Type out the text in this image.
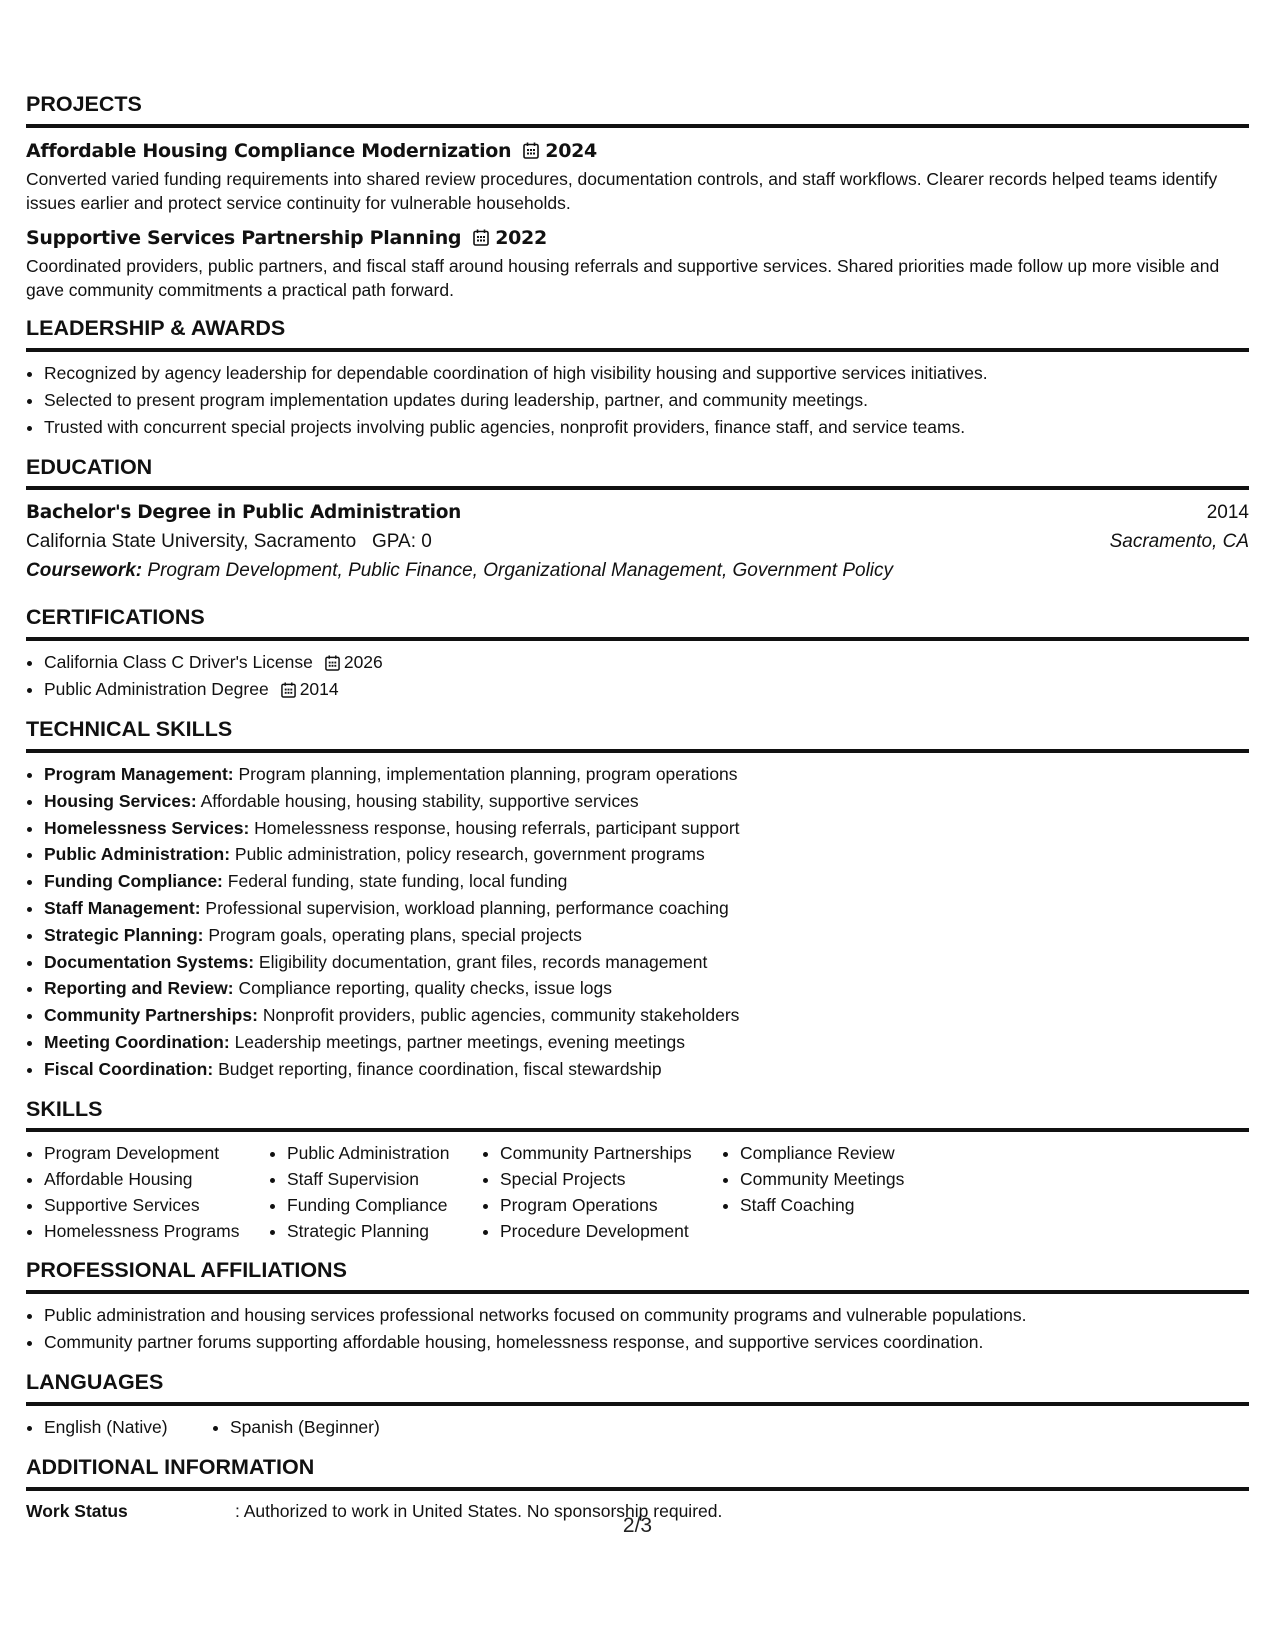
PROJECTS
Affordable Housing Compliance Modernization 2024
Converted varied funding requirements into shared review procedures, documentation controls, and staff workflows. Clearer records helped teams identify issues earlier and protect service continuity for vulnerable households.
Supportive Services Partnership Planning 2022
Coordinated providers, public partners, and fiscal staff around housing referrals and supportive services. Shared priorities made follow up more visible and gave community commitments a practical path forward.
LEADERSHIP & AWARDS
• Recognized by agency leadership for dependable coordination of high visibility housing and supportive services initiatives.
• Selected to present program implementation updates during leadership, partner, and community meetings.
• Trusted with concurrent special projects involving public agencies, nonprofit providers, finance staff, and service teams.
EDUCATION
Bachelor's Degree in Public Administration	2014
California State University, Sacramento GPA: 0	Sacramento, CA
Coursework:
Program Development, Public Finance, Organizational Management, Government Policy
CERTIFICATIONS
• California Class C Driver's License 2026
• Public Administration Degree 2014
TECHNICAL SKILLS
• Program Management: Program planning, implementation planning, program operations
• Housing Services: Affordable housing, housing stability, supportive services
• Homelessness Services: Homelessness response, housing referrals, participant support
• Public Administration: Public administration, policy research, government programs
• Funding Compliance: Federal funding, state funding, local funding
• Staff Management: Professional supervision, workload planning, performance coaching
• Strategic Planning: Program goals, operating plans, special projects
• Documentation Systems: Eligibility documentation, grant files, records management
• Reporting and Review: Compliance reporting, quality checks, issue logs
• Community Partnerships: Nonprofit providers, public agencies, community stakeholders
• Meeting Coordination: Leadership meetings, partner meetings, evening meetings
• Fiscal Coordination: Budget reporting, finance coordination, fiscal stewardship
SKILLS
• Program Development
• Affordable Housing
• Supportive Services
• Homelessness Programs
• Public Administration
• Staff Supervision
• Funding Compliance
• Strategic Planning
• Community Partnerships
• Special Projects
• Program Operations
• Procedure Development
• Compliance Review
• Community Meetings
• Staff Coaching
PROFESSIONAL AFFILIATIONS
• Public administration and housing services professional networks focused on community programs and vulnerable populations.
• Community partner forums supporting affordable housing, homelessness response, and supportive services coordination.
LANGUAGES
• English (Native)
•	Spanish (Beginner)
ADDITIONAL INFORMATION
Work Status	: Authorized to work in United States. No sponsorship required.
2/3
